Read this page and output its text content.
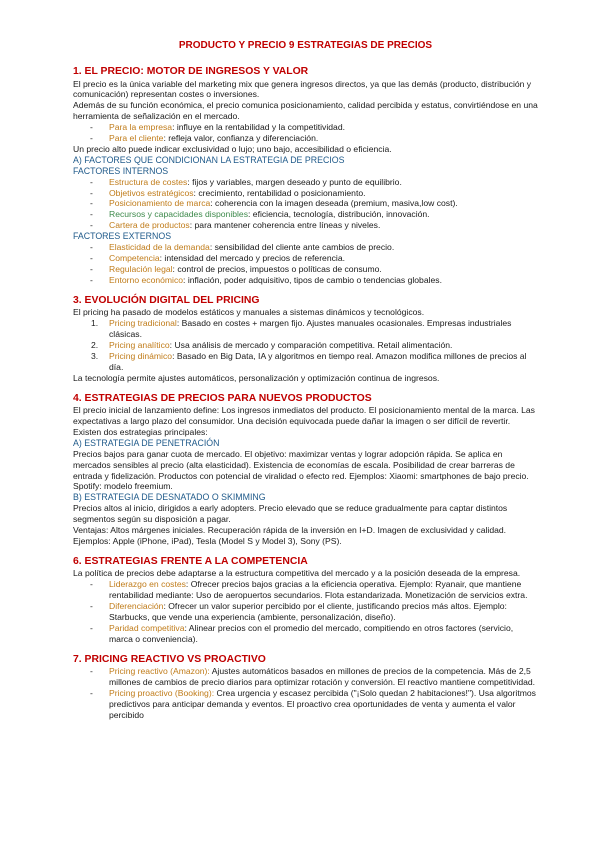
PRODUCTO Y PRECIO 9 ESTRATEGIAS DE PRECIOS
1. EL PRECIO: MOTOR DE INGRESOS Y VALOR
El precio es la única variable del marketing mix que genera ingresos directos, ya que las demás (producto, distribución y comunicación) representan costes o inversiones.
Además de su función económica, el precio comunica posicionamiento, calidad percibida y estatus, convirtiéndose en una herramienta de señalización en el mercado.
- Para la empresa: influye en la rentabilidad y la competitividad.
- Para el cliente: refleja valor, confianza y diferenciación.
Un precio alto puede indicar exclusividad o lujo; uno bajo, accesibilidad o eficiencia.
A) FACTORES QUE CONDICIONAN LA ESTRATEGIA DE PRECIOS
FACTORES INTERNOS
- Estructura de costes: fijos y variables, margen deseado y punto de equilibrio.
- Objetivos estratégicos: crecimiento, rentabilidad o posicionamiento.
- Posicionamiento de marca: coherencia con la imagen deseada (premium, masiva,low cost).
- Recursos y capacidades disponibles: eficiencia, tecnología, distribución, innovación.
- Cartera de productos: para mantener coherencia entre líneas y niveles.
FACTORES EXTERNOS
- Elasticidad de la demanda: sensibilidad del cliente ante cambios de precio.
- Competencia: intensidad del mercado y precios de referencia.
- Regulación legal: control de precios, impuestos o políticas de consumo.
- Entorno económico: inflación, poder adquisitivo, tipos de cambio o tendencias globales.
3. EVOLUCIÓN DIGITAL DEL PRICING
El pricing ha pasado de modelos estáticos y manuales a sistemas dinámicos y tecnológicos.
1. Pricing tradicional: Basado en costes + margen fijo. Ajustes manuales ocasionales. Empresas industriales clásicas.
2. Pricing analítico: Usa análisis de mercado y comparación competitiva. Retail alimentación.
3. Pricing dinámico: Basado en Big Data, IA y algoritmos en tiempo real. Amazon modifica millones de precios al día.
La tecnología permite ajustes automáticos, personalización y optimización continua de ingresos.
4. ESTRATEGIAS DE PRECIOS PARA NUEVOS PRODUCTOS
El precio inicial de lanzamiento define: Los ingresos inmediatos del producto. El posicionamiento mental de la marca. Las expectativas a largo plazo del consumidor. Una decisión equivocada puede dañar la imagen o ser difícil de revertir. Existen dos estrategias principales:
A) ESTRATEGIA DE PENETRACIÓN
Precios bajos para ganar cuota de mercado. El objetivo: maximizar ventas y lograr adopción rápida. Se aplica en mercados sensibles al precio (alta elasticidad). Existencia de economías de escala. Posibilidad de crear barreras de entrada y fidelización. Productos con potencial de viralidad o efecto red. Ejemplos: Xiaomi: smartphones de bajo precio. Spotify: modelo freemium.
B) ESTRATEGIA DE DESNATADO O SKIMMING
Precios altos al inicio, dirigidos a early adopters. Precio elevado que se reduce gradualmente para captar distintos segmentos según su disposición a pagar.
Ventajas: Altos márgenes iniciales. Recuperación rápida de la inversión en I+D. Imagen de exclusividad y calidad. Ejemplos: Apple (iPhone, iPad), Tesla (Model S y Model 3), Sony (PS).
6. ESTRATEGIAS FRENTE A LA COMPETENCIA
La política de precios debe adaptarse a la estructura competitiva del mercado y a la posición deseada de la empresa.
- Liderazgo en costes: Ofrecer precios bajos gracias a la eficiencia operativa. Ejemplo: Ryanair, que mantiene rentabilidad mediante: Uso de aeropuertos secundarios. Flota estandarizada. Monetización de servicios extra.
- Diferenciación: Ofrecer un valor superior percibido por el cliente, justificando precios más altos. Ejemplo: Starbucks, que vende una experiencia (ambiente, personalización, diseño).
- Paridad competitiva: Alinear precios con el promedio del mercado, compitiendo en otros factores (servicio, marca o conveniencia).
7. PRICING REACTIVO VS PROACTIVO
- Pricing reactivo (Amazon): Ajustes automáticos basados en millones de precios de la competencia. Más de 2,5 millones de cambios de precio diarios para optimizar rotación y conversión. El reactivo mantiene competitividad.
- Pricing proactivo (Booking): Crea urgencia y escasez percibida ("¡Solo quedan 2 habitaciones!"). Usa algoritmos predictivos para anticipar demanda y eventos. El proactivo crea oportunidades de venta y aumenta el valor percibido
